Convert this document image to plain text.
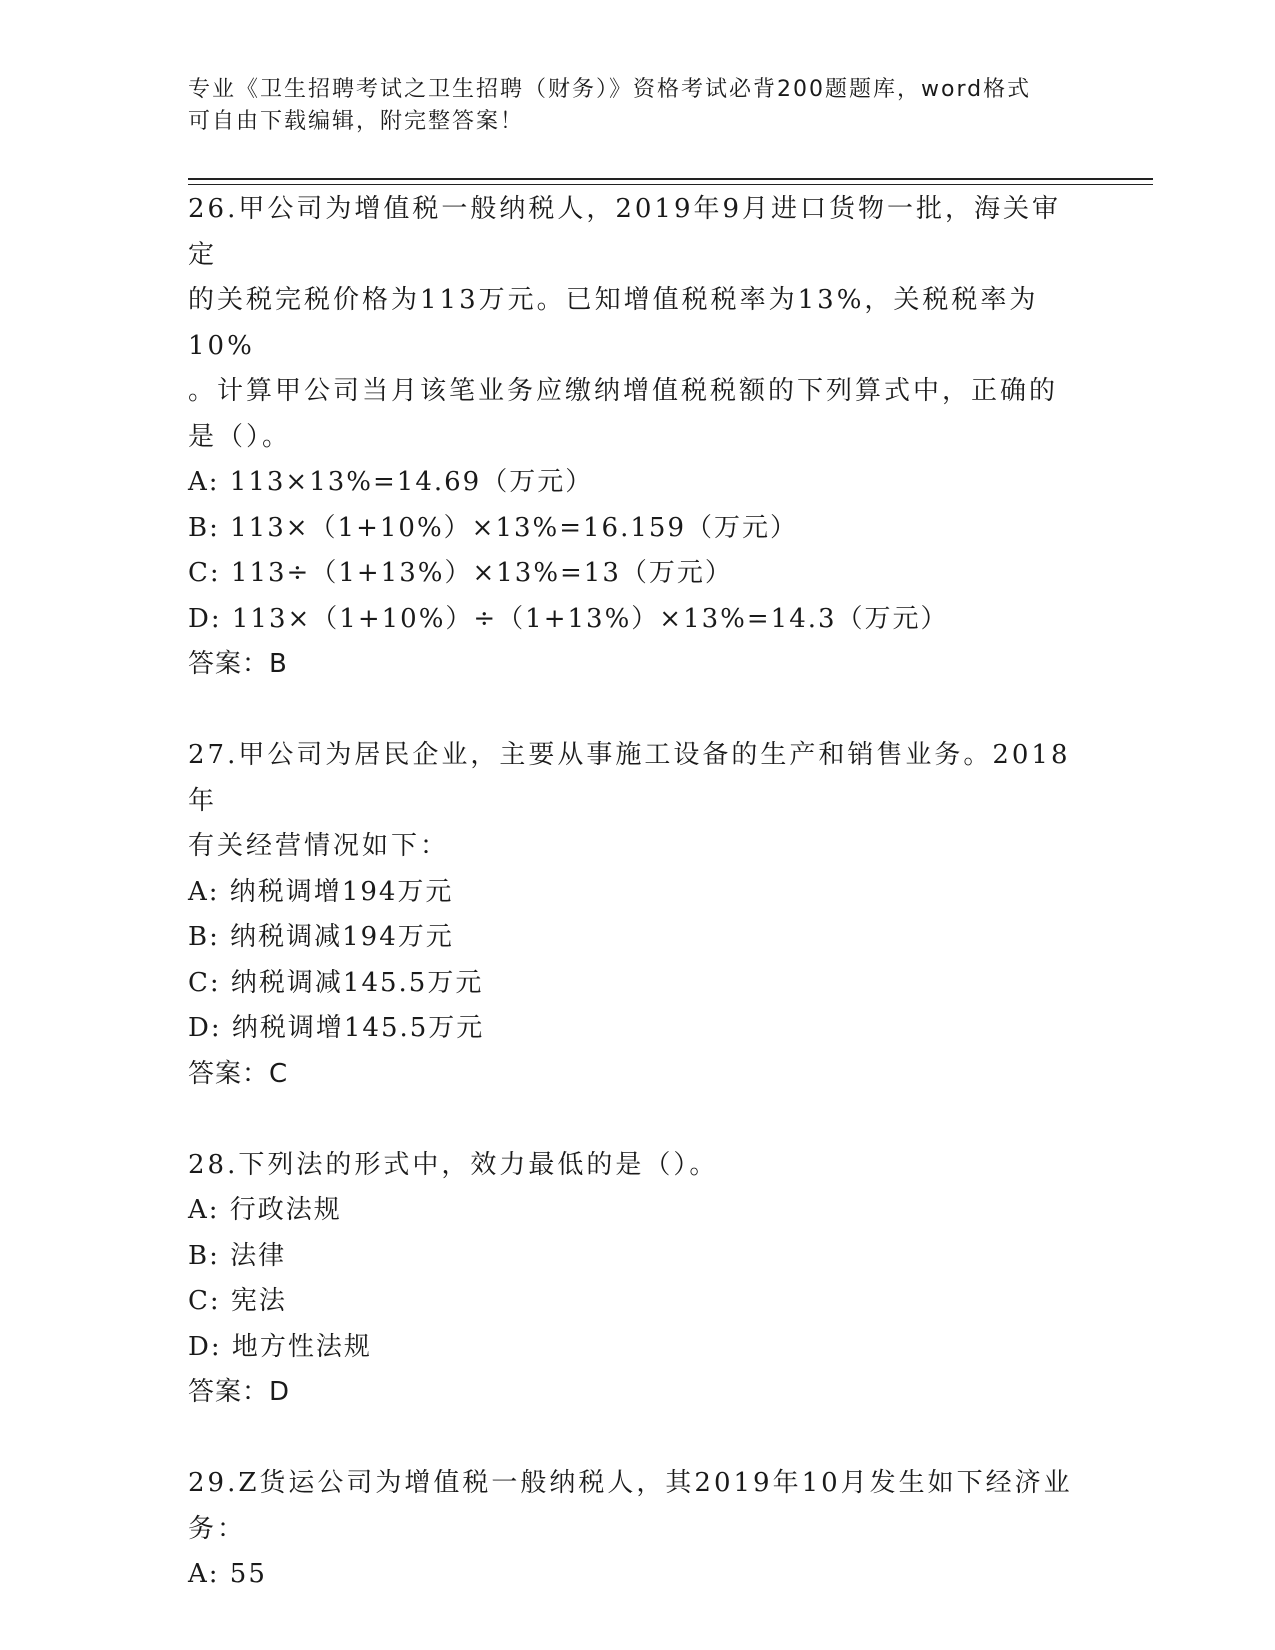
专业《卫生招聘考试之卫生招聘（财务）》资格考试必背200题题库，word格式
可自由下载编辑，附完整答案！
26.甲公司为增值税一般纳税人，2019年9月进口货物一批，海关审定
的关税完税价格为113万元。已知增值税税率为13%，关税税率为10%
。计算甲公司当月该笔业务应缴纳增值税税额的下列算式中，正确的
是（）。
A: 113×13%=14.69（万元）
B: 113×（1+10%）×13%=16.159（万元）
C: 113÷（1+13%）×13%=13（万元）
D: 113×（1+10%）÷（1+13%）×13%=14.3（万元）
答案：B
27.甲公司为居民企业，主要从事施工设备的生产和销售业务。2018年
有关经营情况如下：
A: 纳税调增194万元
B: 纳税调减194万元
C: 纳税调减145.5万元
D: 纳税调增145.5万元
答案：C
28.下列法的形式中，效力最低的是（）。
A: 行政法规
B: 法律
C: 宪法
D: 地方性法规
答案：D
29.Z货运公司为增值税一般纳税人，其2019年10月发生如下经济业
务：
A: 55
